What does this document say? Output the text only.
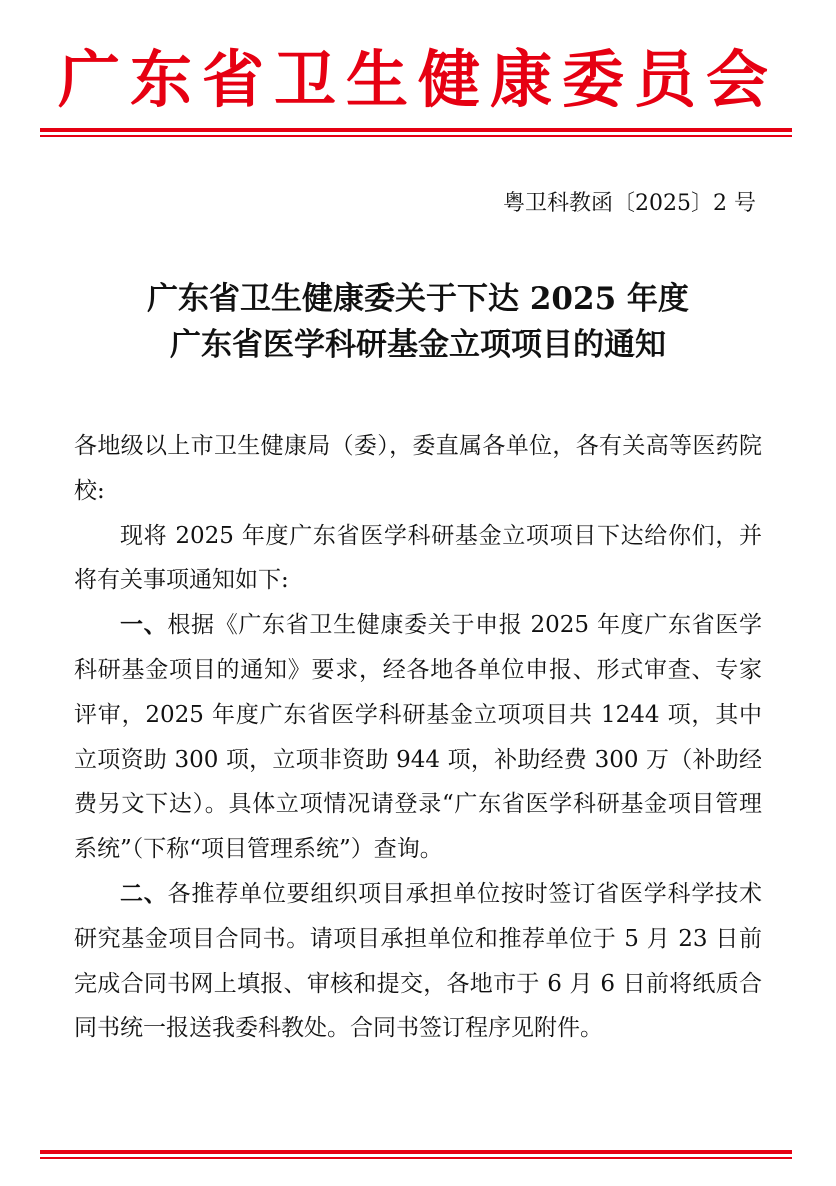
广东省卫生健康委员会
粤卫科教函〔2025〕2 号
广东省卫生健康委关于下达 2025 年度
广东省医学科研基金立项项目的通知

各地级以上市卫生健康局（委），委直属各单位，各有关高等医药院校:

现将 2025 年度广东省医学科研基金立项项目下达给你们，并将有关事项通知如下:

一、根据《广东省卫生健康委关于申报 2025 年度广东省医学科研基金项目的通知》要求，经各地各单位申报、形式审查、专家评审，2025 年度广东省医学科研基金立项项目共 1244 项，其中立项资助 300 项，立项非资助 944 项，补助经费 300 万（补助经费另文下达）。具体立项情况请登录“广东省医学科研基金项目管理系统”（下称“项目管理系统”）查询。

二、各推荐单位要组织项目承担单位按时签订省医学科学技术研究基金项目合同书。请项目承担单位和推荐单位于 5 月 23 日前完成合同书网上填报、审核和提交，各地市于 6 月 6 日前将纸质合同书统一报送我委科教处。合同书签订程序见附件。
